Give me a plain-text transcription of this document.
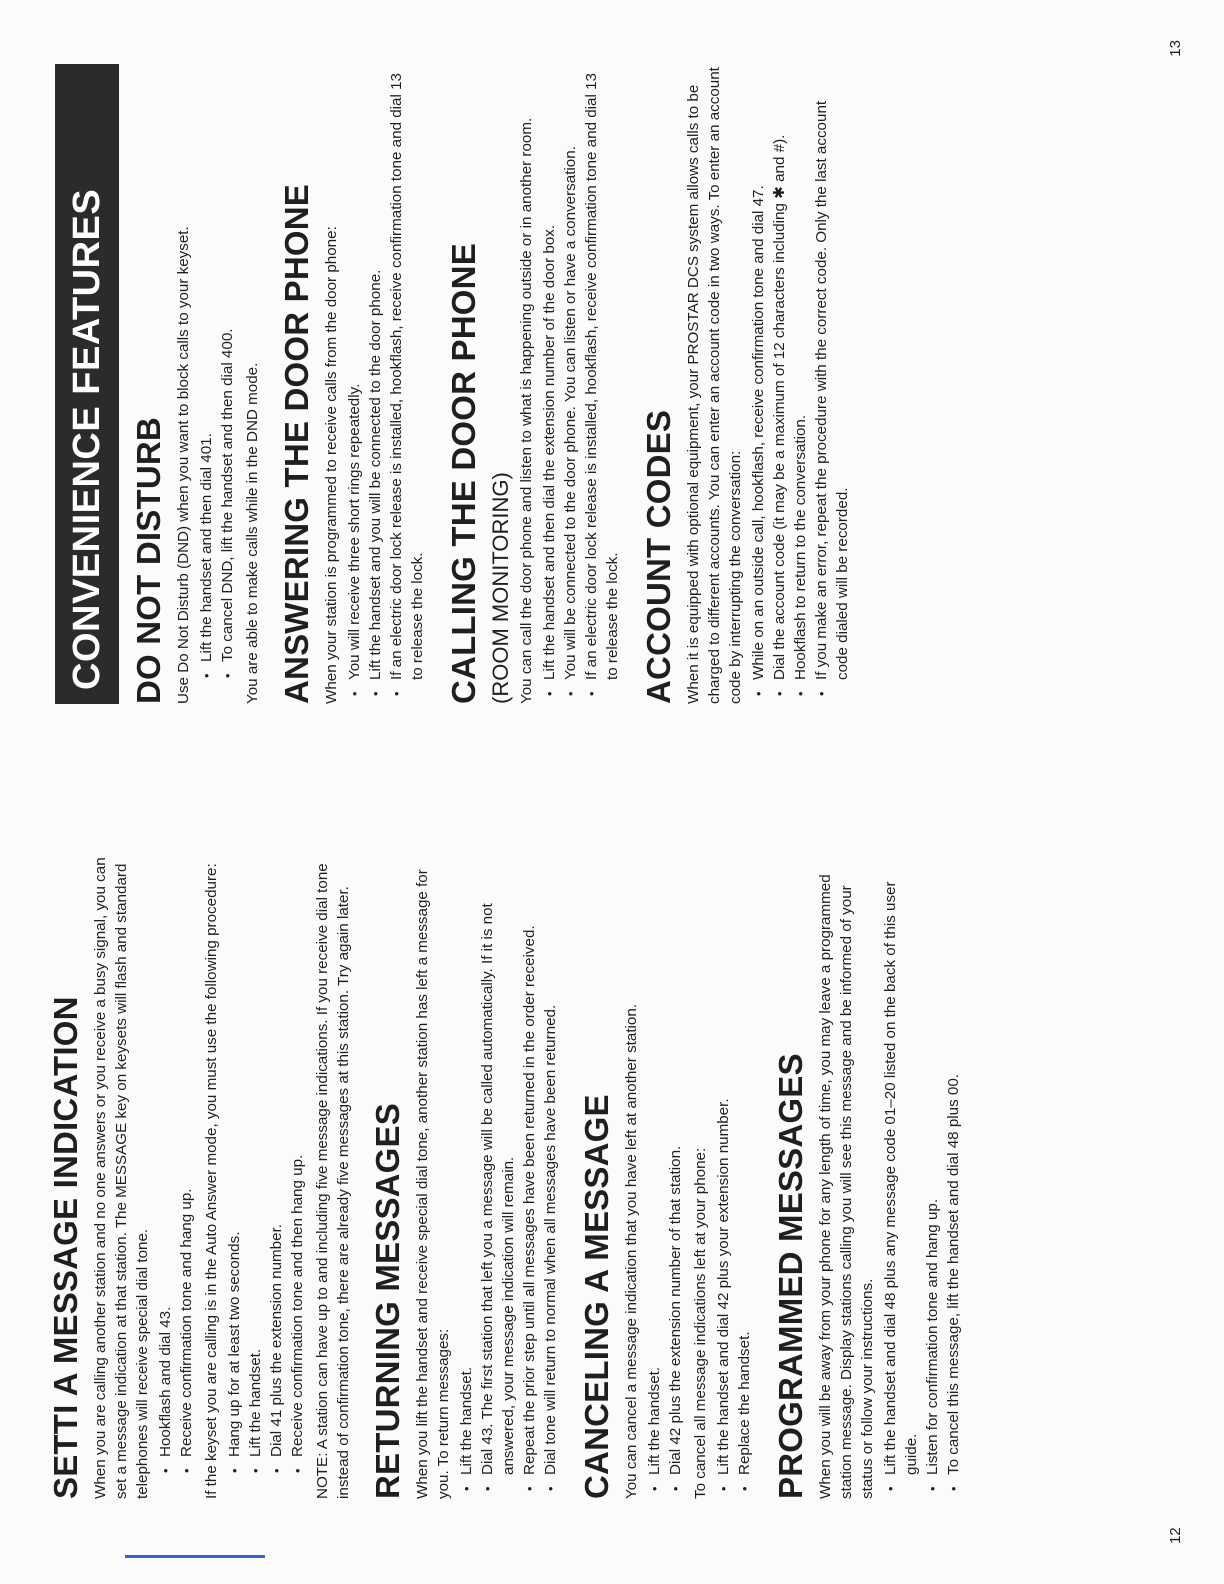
SETTI A MESSAGE INDICATION When you are calling another station and no one answers or you receive a busy signal, you can set a message indication at that station. The MESSAGE key on keysets will flash and standard telephones will receive special dial tone. • Hookflash and dial 43. • Receive confirmation tone and hang up. If the keyset you are calling is in the Auto Answer mode, you must use the following procedure: • Hang up for at least two seconds. • Lift the handset. • Dial 41 plus the extension number. • Receive confirmation tone and then hang up. NOTE: A station can have up to and including five message indications. If you receive dial tone instead of confirmation tone, there are already five messages at this station. Try again later. RETURNING MESSAGES When you lift the handset and receive special dial tone, another station has left a message for you. To return messages: • Lift the handset. • Dial 43. The first station that left you a message will be called automatically. If it is not answered, your message indication will remain. • Repeat the prior step until all messages have been returned in the order received. • Dial tone will return to normal when all messages have been returned. CANCELING A MESSAGE You can cancel a message indication that you have left at another station. • Lift the handset. • Dial 42 plus the extension number of that station. To cancel all message indications left at your phone: • Lift the handset and dial 42 plus your extension number. • Replace the handset. PROGRAMMED MESSAGES When you will be away from your phone for any length of time, you may leave a programmed station message. Display stations calling you will see this message and be informed of your status or follow your instructions. • Lift the handset and dial 48 plus any message code 01–20 listed on the back of this user guide. • Listen for confirmation tone and hang up. • To cancel this message, lift the handset and dial 48 plus 00.
12
CONVENIENCE FEATURES DO NOT DISTURB Use Do Not Disturb (DND) when you want to block calls to your keyset. • Lift the handset and then dial 401. • To cancel DND, lift the handset and then dial 400. You are able to make calls while in the DND mode. ANSWERING THE DOOR PHONE When your station is programmed to receive calls from the door phone: • You will receive three short rings repeatedly. • Lift the handset and you will be connected to the door phone. • If an electric door lock release is installed, hookflash, receive confirmation tone and dial 13 to release the lock. CALLING THE DOOR PHONE (ROOM MONITORING) You can call the door phone and listen to what is happening outside or in another room. • Lift the handset and then dial the extension number of the door box. • You will be connected to the door phone. You can listen or have a conversation. • If an electric door lock release is installed, hookflash, receive confirmation tone and dial 13 to release the lock. ACCOUNT CODES When it is equipped with optional equipment, your PROSTAR DCS system allows calls to be charged to different accounts. You can enter an account code in two ways. To enter an account code by interrupting the conversation: • While on an outside call, hookflash, receive confirmation tone and dial 47. • Dial the account code (it may be a maximum of 12 characters including ✱ and #). • Hookflash to return to the conversation. • If you make an error, repeat the procedure with the correct code. Only the last account code dialed will be recorded.
13
